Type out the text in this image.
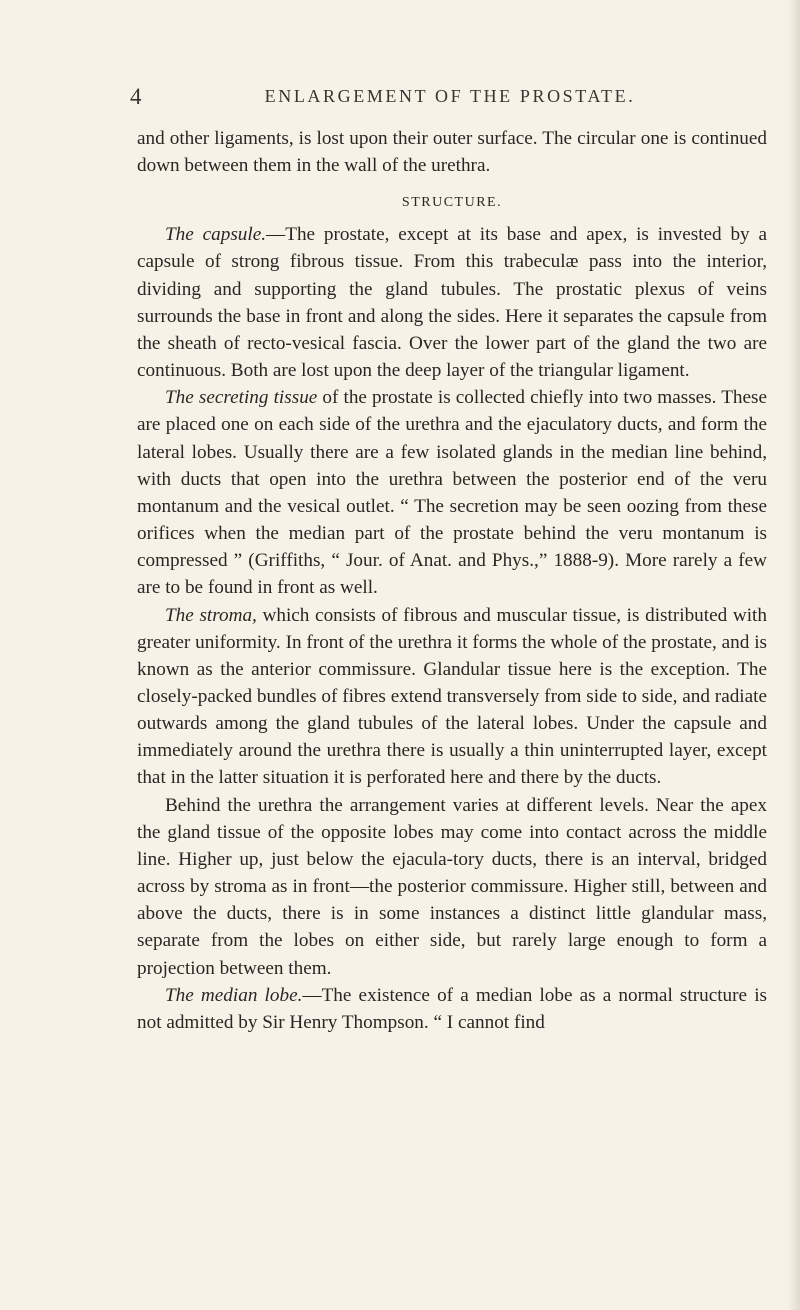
4	ENLARGEMENT OF THE PROSTATE.

and other ligaments, is lost upon their outer surface. The circular one is continued down between them in the wall of the urethra.

STRUCTURE.

The capsule.—The prostate, except at its base and apex, is invested by a capsule of strong fibrous tissue. From this trabeculæ pass into the interior, dividing and supporting the gland tubules. The prostatic plexus of veins surrounds the base in front and along the sides. Here it separates the capsule from the sheath of recto-vesical fascia. Over the lower part of the gland the two are continuous. Both are lost upon the deep layer of the triangular ligament.

The secreting tissue of the prostate is collected chiefly into two masses. These are placed one on each side of the urethra and the ejaculatory ducts, and form the lateral lobes. Usually there are a few isolated glands in the median line behind, with ducts that open into the urethra between the posterior end of the veru montanum and the vesical outlet. “ The secretion may be seen oozing from these orifices when the median part of the prostate behind the veru montanum is compressed ” (Griffiths, “ Jour. of Anat. and Phys.,” 1888-9). More rarely a few are to be found in front as well.

The stroma, which consists of fibrous and muscular tissue, is distributed with greater uniformity. In front of the urethra it forms the whole of the prostate, and is known as the anterior commissure. Glandular tissue here is the exception. The closely-packed bundles of fibres extend transversely from side to side, and radiate outwards among the gland tubules of the lateral lobes. Under the capsule and immediately around the urethra there is usually a thin uninterrupted layer, except that in the latter situation it is perforated here and there by the ducts.

Behind the urethra the arrangement varies at different levels. Near the apex the gland tissue of the opposite lobes may come into contact across the middle line. Higher up, just below the ejacula-tory ducts, there is an interval, bridged across by stroma as in front—the posterior commissure. Higher still, between and above the ducts, there is in some instances a distinct little glandular mass, separate from the lobes on either side, but rarely large enough to form a projection between them.

The median lobe.—The existence of a median lobe as a normal structure is not admitted by Sir Henry Thompson. “ I cannot find
